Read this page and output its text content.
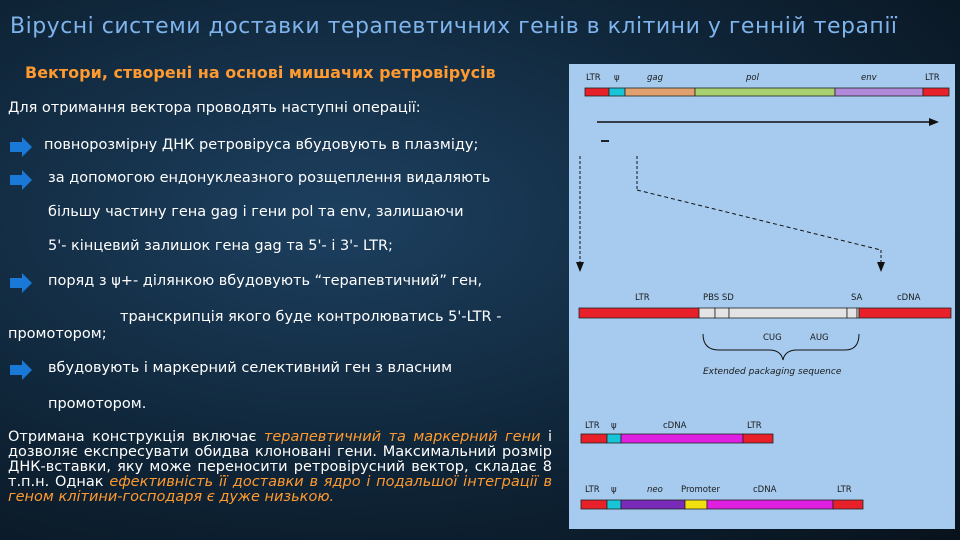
Вірусні системи доставки терапевтичних генів в клітини у генній терапії
Вектори, створені на основі мишачих ретровірусів
Для отримання вектора проводять наступні операції:
повнорозмірну ДНК ретровіруса вбудовують в плазміду;
за допомогою ендонуклеазного розщеплення видаляють
більшу частину гена gag і гени pol та env, залишаючи
5'- кінцевий залишок гена gag та 5'- і 3'- LTR;
поряд з ψ+- ділянкою вбудовують “терапевтичний” ген,
транскрипція якого буде контролюватись 5'-LTR -
промотором;
вбудовують і маркерний селективний ген з власним
промотором.
Отримана конструкція включає терапевтичний та маркерний гени і дозволяє експресувати обидва клоновані гени. Максимальний розмір ДНК-вставки, яку може переносити ретровірусний вектор, складає 8 т.п.н. Однак ефективність її доставки в ядро і подальшої інтеграції в геном клітини-господаря є дуже низькою.
LTR ψ	gag	pol	env	LTR
LTR	PBS SD	SA	cDNA
CUG	AUG
Extended packaging sequence
LTR ψ	cDNA	LTR
LTR ψ	neo Promoter	cDNA	LTR
